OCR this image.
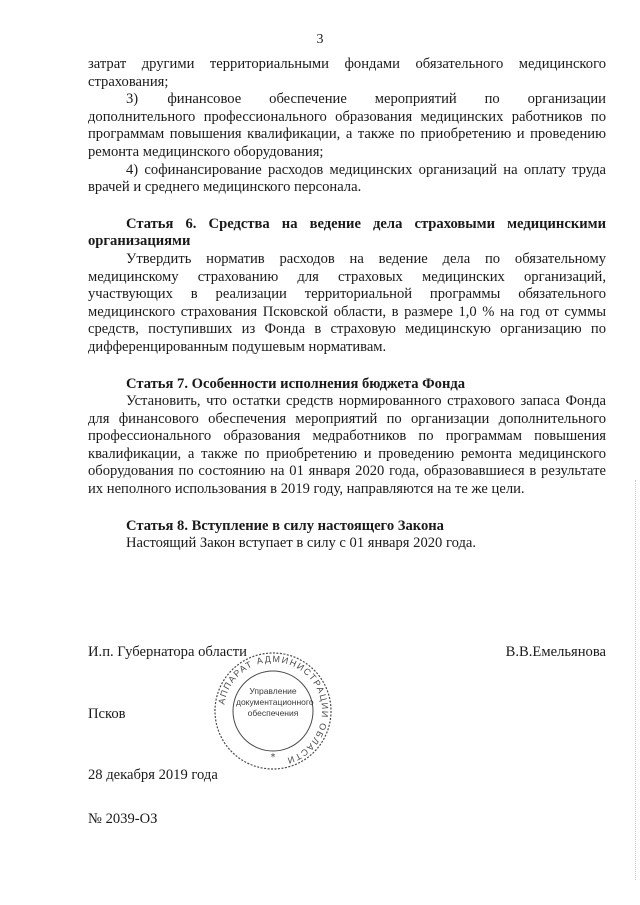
3

затрат другими территориальными фондами обязательного медицинского страхования;

3)  финансовое обеспечение мероприятий по организации дополнительного профессионального образования медицинских работников по программам повышения квалификации, а также по приобретению и проведению ремонта медицинского оборудования;

4) софинансирование расходов медицинских организаций на оплату труда врачей и среднего медицинского персонала.

Статья 6. Средства на ведение дела страховыми медицинскими организациями

Утвердить норматив расходов на ведение дела по обязательному медицинскому страхованию для страховых медицинских организаций, участвующих в реализации территориальной программы обязательного медицинского страхования Псковской области, в размере 1,0 % на год от суммы средств, поступивших из Фонда в страховую медицинскую организацию по дифференцированным подушевым нормативам.

Статья 7. Особенности исполнения бюджета Фонда

Установить, что остатки средств нормированного страхового запаса Фонда для финансового обеспечения мероприятий по организации дополнительного профессионального образования медработников по программам повышения квалификации, а также по приобретению и проведению ремонта медицинского оборудования по состоянию на 01 января 2020 года, образовавшиеся в результате их неполного использования в 2019 году, направляются на те же цели.

Статья 8. Вступление в силу настоящего Закона

Настоящий Закон вступает в силу с 01 января 2020 года.

И.п. Губернатора области	В.В.Емельянова
АППАРАТ АДМИНИСТРАЦИИ ОБЛАСТИ
*
Управление документационного обеспечения
Псков
28 декабря 2019 года
№ 2039-ОЗ
